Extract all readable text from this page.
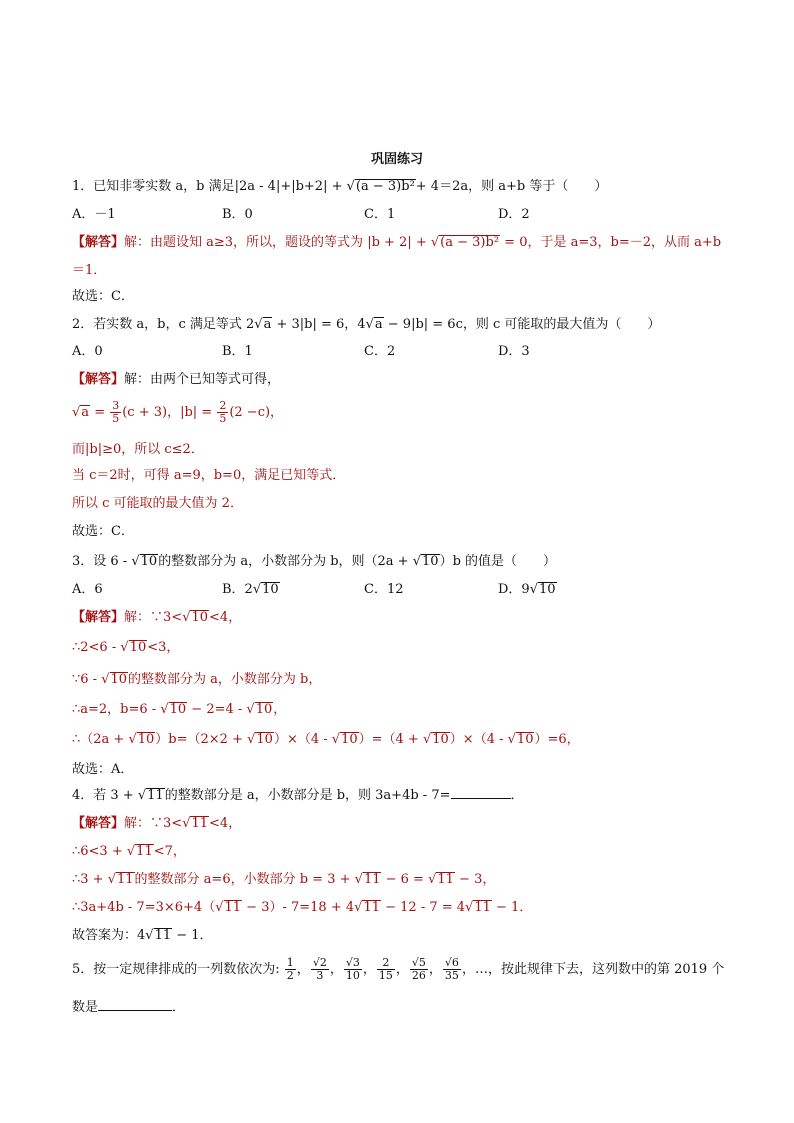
巩固练习
1．已知非零实数 a，b 满足|2a - 4|+|b+2| + √(a − 3)b²+ 4＝2a，则 a+b 等于（　　）
A．－1	B．0	C．1	D．2
【解答】解：由题设知 a≥3，所以，题设的等式为 |b + 2| + √(a − 3)b² = 0，于是 a=3，b=－2，从而 a+b
＝1．
故选：C．
2．若实数 a，b，c 满足等式 2√a + 3|b| = 6，4√a − 9|b| = 6c，则 c 可能取的最大值为（　　）
A．0	B．1	C．2	D．3
【解答】解：由两个已知等式可得，
$√a = \frac{3}{5} (c + 3)$，$|b| = \frac{2}{5} (2 -c)$，
而|b|≥0，所以 c≤2．
当 c＝2时，可得 a=9，b=0，满足已知等式．
所以 c 可能取的最大值为 2．
故选：C．
3．设 6 - √10的整数部分为 a，小数部分为 b，则（2a + √10）b 的值是（　　）
A．6	B．2√10	C．12	D．9√10
【解答】解：∵3<√10<4，
∴2<6 - √10<3，
∵6 - √10的整数部分为 a，小数部分为 b，
∴a=2，b=6 - √10 − 2=4 - √10，
∴（2a + √10）b=（2×2 + √10）×（4 - √10）=（4 + √10）×（4 - √10）=6，
故选：A．
4．若 3 + √11的整数部分是 a，小数部分是 b，则 3a+4b - 7=	．
【解答】解：∵3<√11<4，
∴6<3 + √11<7，
∴3 + √11的整数部分 a=6，小数部分 b = 3 + √11 − 6 = √11 − 3，
∴3a+4b - 7=3×6+4（√11 − 3）- 7=18 + 4√11 − 12 - 7 = 4√11 − 1．
故答案为：4√11 − 1．
5．按一定规律排成的一列数依次为: $\frac{1}{2}$ ， $\frac{√2}{3}$ ， $\frac{√3}{10}$ ， $\frac{2}{15}$ ， $\frac{√5}{26}$ ， $\frac{√6}{35}$ ，…，按此规律下去，这列数中的第 2019 个
数是	．
